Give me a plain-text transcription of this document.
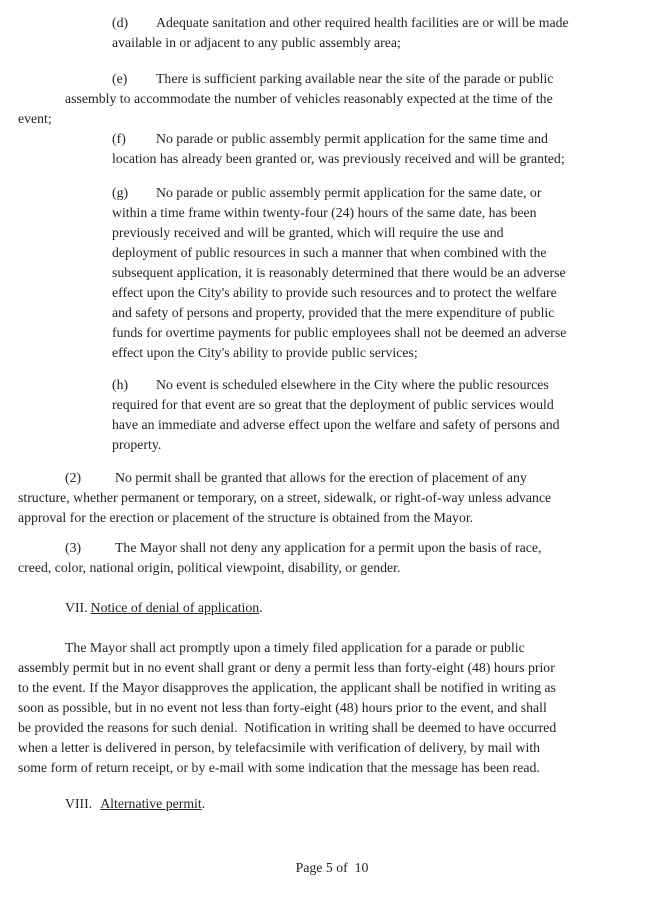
(d) Adequate sanitation and other required health facilities are or will be made
available in or adjacent to any public assembly area;
(e) There is sufficient parking available near the site of the parade or public
assembly to accommodate the number of vehicles reasonably expected at the time of the
event;
(f) No parade or public assembly permit application for the same time and
location has already been granted or, was previously received and will be granted;
(g) No parade or public assembly permit application for the same date, or
within a time frame within twenty-four (24) hours of the same date, has been
previously received and will be granted, which will require the use and
deployment of public resources in such a manner that when combined with the
subsequent application, it is reasonably determined that there would be an adverse
effect upon the City's ability to provide such resources and to protect the welfare
and safety of persons and property, provided that the mere expenditure of public
funds for overtime payments for public employees shall not be deemed an adverse
effect upon the City's ability to provide public services;
(h) No event is scheduled elsewhere in the City where the public resources
required for that event are so great that the deployment of public services would
have an immediate and adverse effect upon the welfare and safety of persons and
property.
(2) No permit shall be granted that allows for the erection of placement of any
structure, whether permanent or temporary, on a street, sidewalk, or right-of-way unless advance
approval for the erection or placement of the structure is obtained from the Mayor.
(3) The Mayor shall not deny any application for a permit upon the basis of race,
creed, color, national origin, political viewpoint, disability, or gender.
VII. Notice of denial of application.
The Mayor shall act promptly upon a timely filed application for a parade or public
assembly permit but in no event shall grant or deny a permit less than forty-eight (48) hours prior
to the event. If the Mayor disapproves the application, the applicant shall be notified in writing as
soon as possible, but in no event not less than forty-eight (48) hours prior to the event, and shall
be provided the reasons for such denial.  Notification in writing shall be deemed to have occurred
when a letter is delivered in person, by telefacsimile with verification of delivery, by mail with
some form of return receipt, or by e-mail with some indication that the message has been read.
VIII. Alternative permit.
Page 5 of  10
